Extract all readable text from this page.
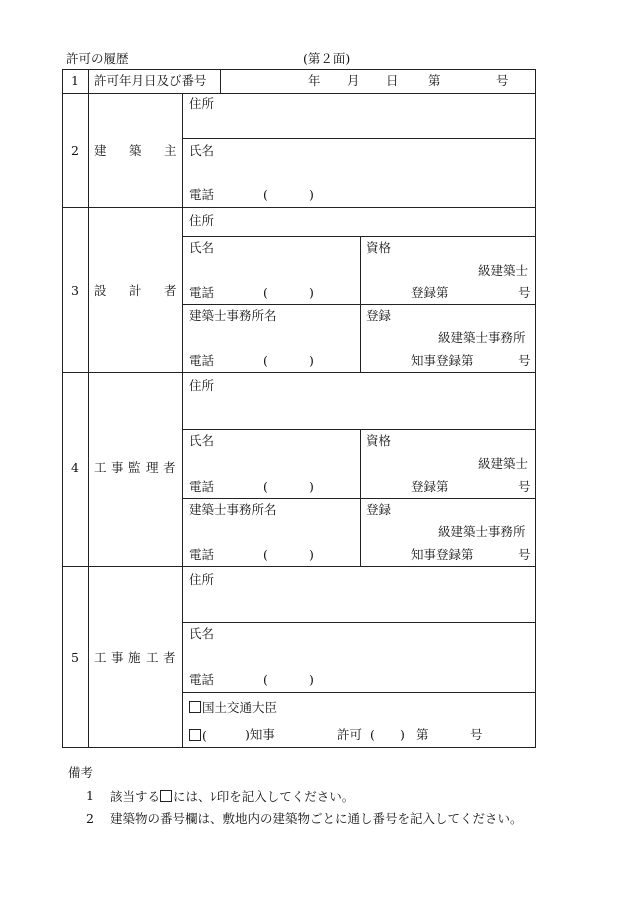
許可の履歴	(第２面)
1	許可年月日及び番号	年 月 日 第	号
2	建 築 主
住所
氏名
電話	(	)
3	設 計 者
住所
氏名	資格
級建築士
電話	(	)	登録第	号
建築士事務所名	登録
級建築士事務所
電話	(	)	知事登録第	号
4	工 事 監 理 者
住所
氏名	資格
級建築士
電話	(	)	登録第	号
建築士事務所名	登録
級建築士事務所
電話	(	)	知事登録第	号
5	工 事 施 工 者
住所
氏名
電話	(	)
国土交通大臣
(	)知事	許可 ( ) 第	号
備考
1 該当する には、ﾚ印を記入してください。
2 建築物の番号欄は、敷地内の建築物ごとに通し番号を記入してください。
